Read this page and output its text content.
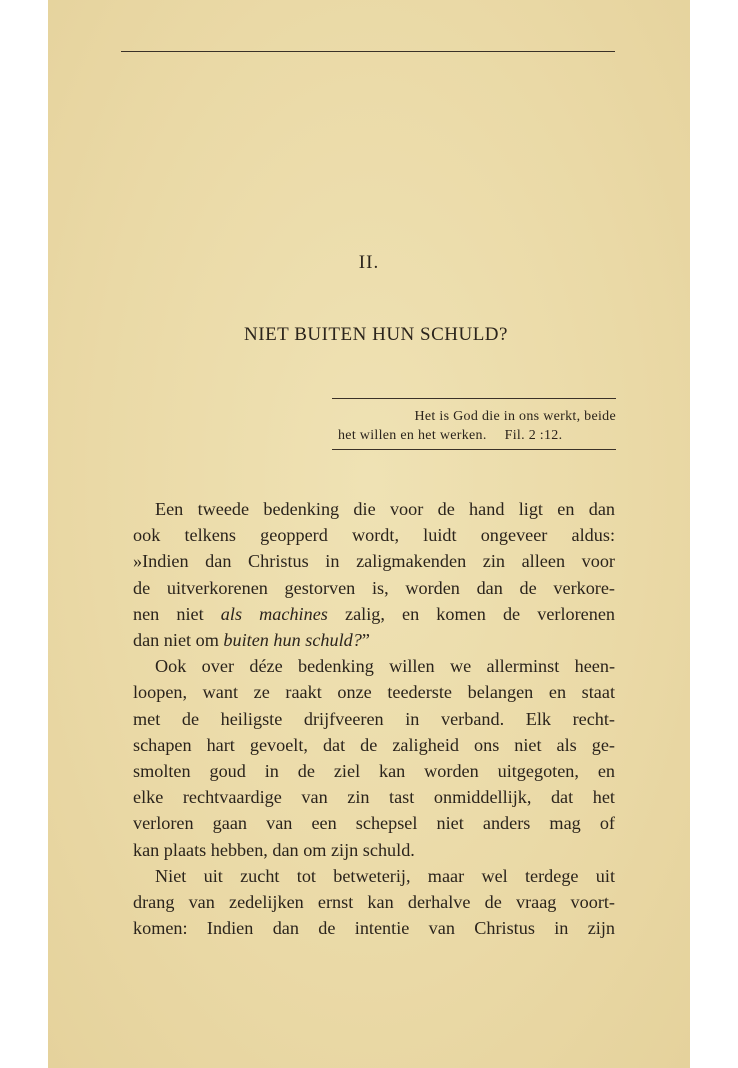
II.
NIET BUITEN HUN SCHULD?
Het is God die in ons werkt, beide
het willen en het werken. Fil. 2 :12.
Een tweede bedenking die voor de hand ligt en dan
ook telkens geopperd wordt, luidt ongeveer aldus:
»Indien dan Christus in zaligmakenden zin alleen voor
de uitverkorenen gestorven is, worden dan de verkore-
nen niet als machines zalig, en komen de verlorenen
dan niet om buiten hun schuld?”
Ook over déze bedenking willen we allerminst heen-
loopen, want ze raakt onze teederste belangen en staat
met de heiligste drijfveeren in verband. Elk recht-
schapen hart gevoelt, dat de zaligheid ons niet als ge-
smolten goud in de ziel kan worden uitgegoten, en
elke rechtvaardige van zin tast onmiddellijk, dat het
verloren gaan van een schepsel niet anders mag of
kan plaats hebben, dan om zijn schuld.
Niet uit zucht tot betweterij, maar wel terdege uit
drang van zedelijken ernst kan derhalve de vraag voort-
komen: Indien dan de intentie van Christus in zijn
